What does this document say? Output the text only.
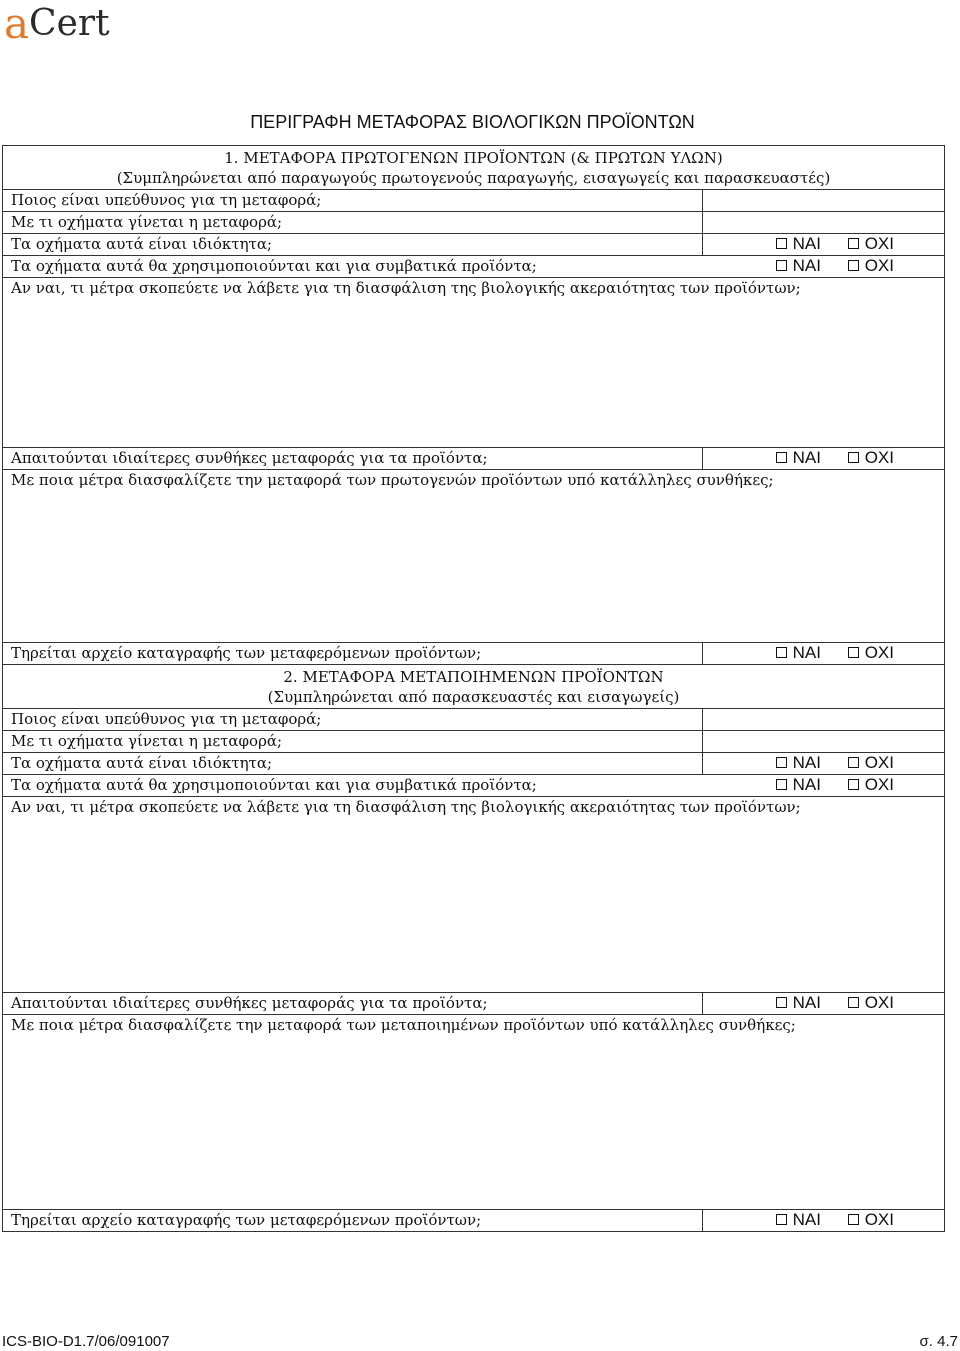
a Cert
ΠΕΡΙΓΡΑΦΗ ΜΕΤΑΦΟΡΑΣ ΒΙΟΛΟΓΙΚΩΝ ΠΡΟΪΟΝΤΩΝ
1. ΜΕΤΑΦΟΡΑ ΠΡΩΤΟΓΕΝΩΝ ΠΡΟΪΟΝΤΩΝ (& ΠΡΩΤΩΝ ΥΛΩΝ)
(Συμπληρώνεται από παραγωγούς πρωτογενούς παραγωγής, εισαγωγείς και παρασκευαστές)	

Ποιος είναι υπεύθυνος για τη μεταφορά;	
Με τι οχήματα γίνεται η μεταφορά;	
Τα οχήματα αυτά είναι ιδιόκτητα;	ΝΑΙ ΟΧΙ
Τα οχήματα αυτά θα χρησιμοποιούνται και για συμβατικά προϊόντα;	ΝΑΙ ΟΧΙ

Αν ναι, τι μέτρα σκοπεύετε να λάβετε για τη διασφάλιση της βιολογικής ακεραιότητας των προϊόντων;	

Απαιτούνται ιδιαίτερες συνθήκες μεταφοράς για τα προϊόντα;	ΝΑΙ ΟΧΙ

Με ποια μέτρα διασφαλίζετε την μεταφορά των πρωτογενών προϊόντων υπό κατάλληλες συνθήκες;	

Τηρείται αρχείο καταγραφής των μεταφερόμενων προϊόντων;	ΝΑΙ ΟΧΙ

2. ΜΕΤΑΦΟΡΑ ΜΕΤΑΠΟΙΗΜΕΝΩΝ ΠΡΟΪΟΝΤΩΝ
(Συμπληρώνεται από παρασκευαστές και εισαγωγείς)	

Ποιος είναι υπεύθυνος για τη μεταφορά;	
Με τι οχήματα γίνεται η μεταφορά;	
Τα οχήματα αυτά είναι ιδιόκτητα;	ΝΑΙ ΟΧΙ
Τα οχήματα αυτά θα χρησιμοποιούνται και για συμβατικά προϊόντα;	ΝΑΙ ΟΧΙ

Αν ναι, τι μέτρα σκοπεύετε να λάβετε για τη διασφάλιση της βιολογικής ακεραιότητας των προϊόντων;	

Απαιτούνται ιδιαίτερες συνθήκες μεταφοράς για τα προϊόντα;	ΝΑΙ ΟΧΙ

Με ποια μέτρα διασφαλίζετε την μεταφορά των μεταποιημένων προϊόντων υπό κατάλληλες συνθήκες;	

Τηρείται αρχείο καταγραφής των μεταφερόμενων προϊόντων;	ΝΑΙ ΟΧΙ
ICS-BIO-D1.7/06/091007	σ. 4.7
